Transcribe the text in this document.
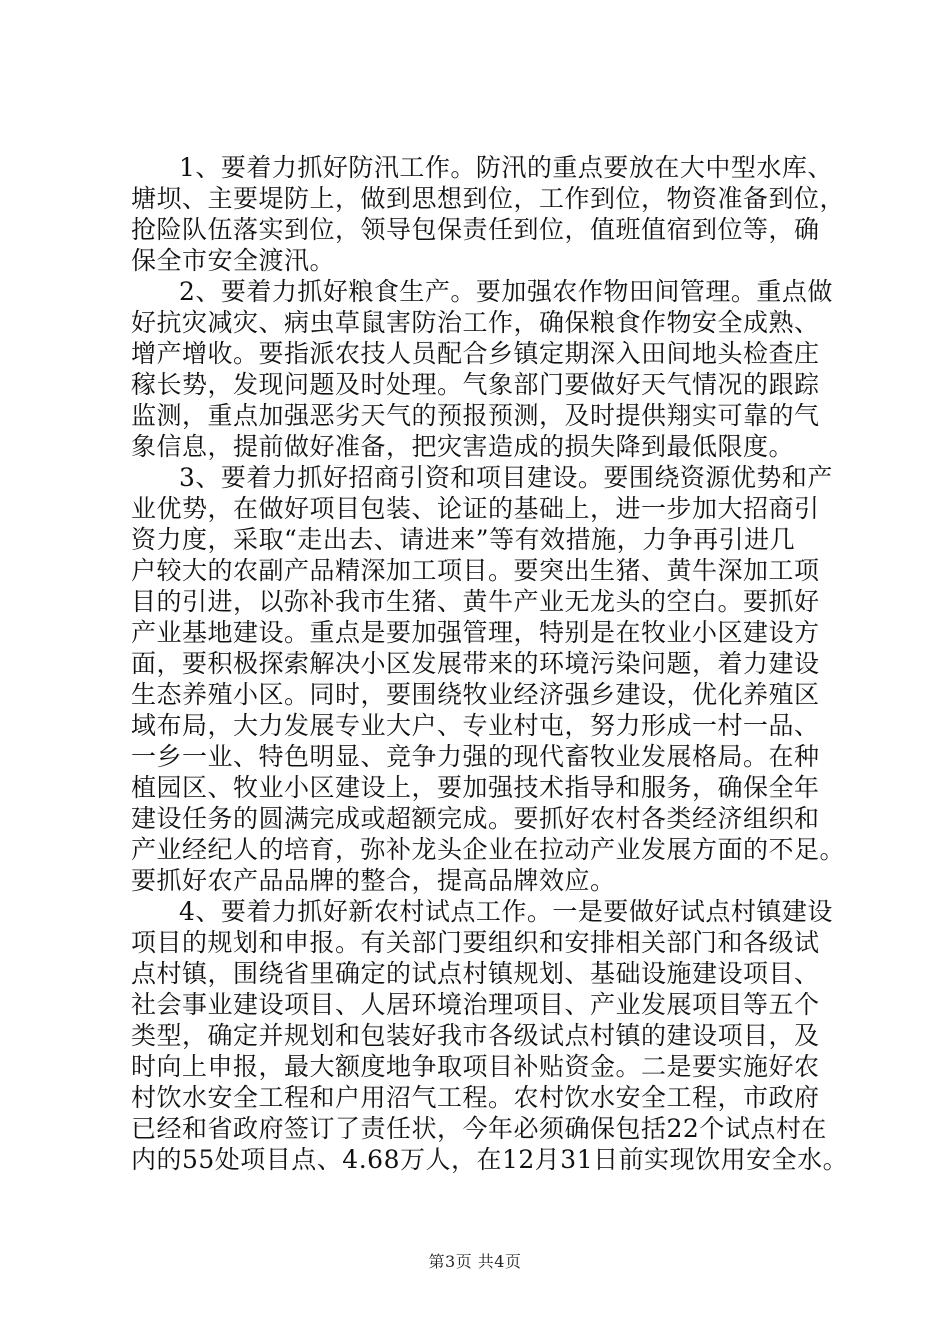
1、要着力抓好防汛工作。防汛的重点要放在大中型水库、
塘坝、主要堤防上，做到思想到位，工作到位，物资准备到位，
抢险队伍落实到位，领导包保责任到位，值班值宿到位等，确
保全市安全渡汛。
2、要着力抓好粮食生产。要加强农作物田间管理。重点做
好抗灾减灾、病虫草鼠害防治工作，确保粮食作物安全成熟、
增产增收。要指派农技人员配合乡镇定期深入田间地头检查庄
稼长势，发现问题及时处理。气象部门要做好天气情况的跟踪
监测，重点加强恶劣天气的预报预测，及时提供翔实可靠的气
象信息，提前做好准备，把灾害造成的损失降到最低限度。
3、要着力抓好招商引资和项目建设。要围绕资源优势和产
业优势，在做好项目包装、论证的基础上，进一步加大招商引
资力度，采取“走出去、请进来”等有效措施，力争再引进几
户较大的农副产品精深加工项目。要突出生猪、黄牛深加工项
目的引进，以弥补我市生猪、黄牛产业无龙头的空白。要抓好
产业基地建设。重点是要加强管理，特别是在牧业小区建设方
面，要积极探索解决小区发展带来的环境污染问题，着力建设
生态养殖小区。同时，要围绕牧业经济强乡建设，优化养殖区
域布局，大力发展专业大户、专业村屯，努力形成一村一品、
一乡一业、特色明显、竞争力强的现代畜牧业发展格局。在种
植园区、牧业小区建设上，要加强技术指导和服务，确保全年
建设任务的圆满完成或超额完成。要抓好农村各类经济组织和
产业经纪人的培育，弥补龙头企业在拉动产业发展方面的不足。
要抓好农产品品牌的整合，提高品牌效应。
4、要着力抓好新农村试点工作。一是要做好试点村镇建设
项目的规划和申报。有关部门要组织和安排相关部门和各级试
点村镇，围绕省里确定的试点村镇规划、基础设施建设项目、
社会事业建设项目、人居环境治理项目、产业发展项目等五个
类型，确定并规划和包装好我市各级试点村镇的建设项目，及
时向上申报，最大额度地争取项目补贴资金。二是要实施好农
村饮水安全工程和户用沼气工程。农村饮水安全工程，市政府
已经和省政府签订了责任状，今年必须确保包括22个试点村在
内的55处项目点、4.68万人，在12月31日前实现饮用安全水。
第3页 共4页
